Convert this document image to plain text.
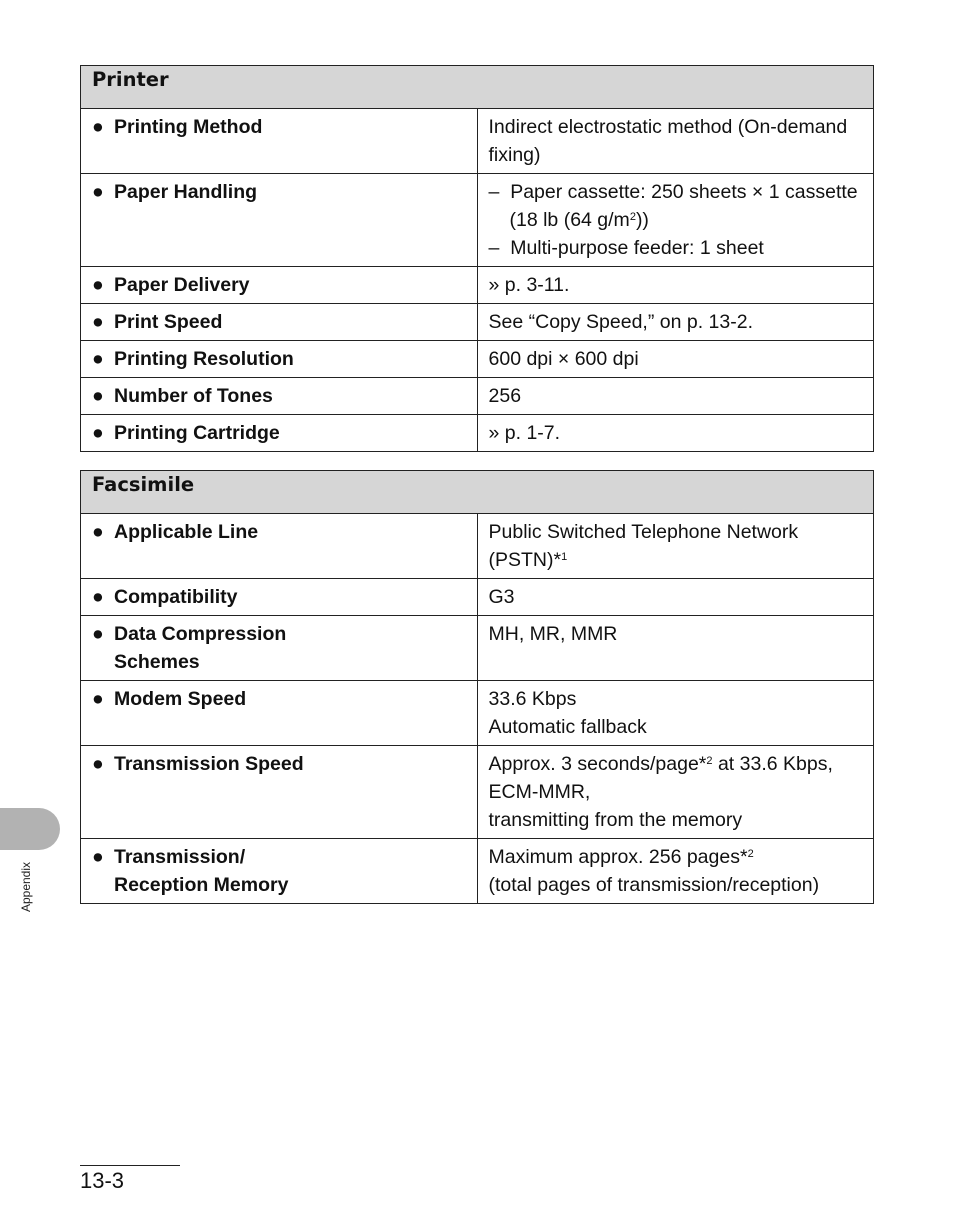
Printer	

● Printing Method	Indirect electrostatic method (On-demand fixing)

● Paper Handling	– Paper cassette: 250 sheets × 1 cassette (18 lb (64 $g/m^2$))
– Multi-purpose feeder: 1 sheet

● Paper Delivery	» p. 3-11.

● Print Speed	See “Copy Speed,” on p. 13-2.

● Printing Resolution	600 dpi × 600 dpi

● Number of Tones	256

● Printing Cartridge	» p. 1-7.
Facsimile	

● Applicable Line	Public Switched Telephone Network (PSTN)*$^1$

● Compatibility	G3

● Data Compression
Schemes	MH, MR, MMR

● Modem Speed	33.6 Kbps
Automatic fallback

● Transmission Speed	Approx. 3 seconds/page*$^2$ at 33.6 Kbps, ECM-MMR,
transmitting from the memory

● Transmission/
Reception Memory	Maximum approx. 256 pages*$^2$
(total pages of transmission/reception)
Appendix
13-3
